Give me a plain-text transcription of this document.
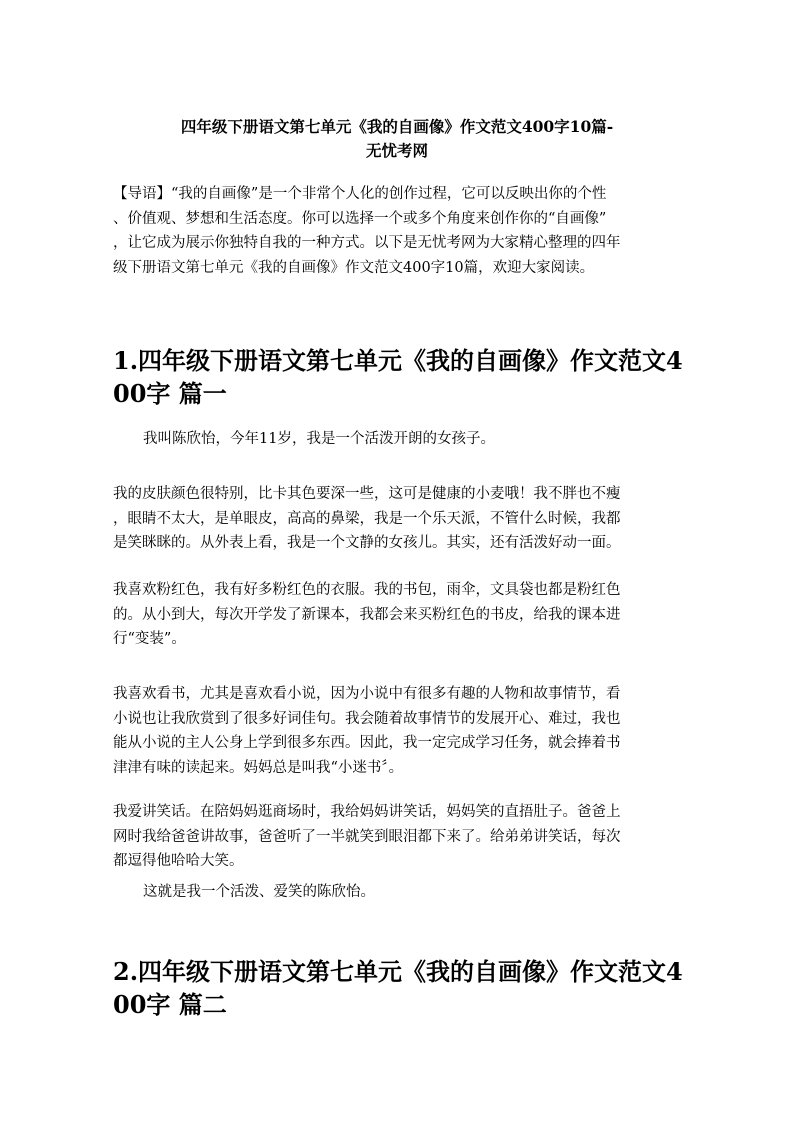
四年级下册语文第七单元《我的自画像》作文范文400字10篇-
无忧考网
【导语】“我的自画像”是一个非常个人化的创作过程，它可以反映出你的个性
、价值观、梦想和生活态度。你可以选择一个或多个角度来创作你的“自画像”
，让它成为展示你独特自我的一种方式。以下是无忧考网为大家精心整理的四年
级下册语文第七单元《我的自画像》作文范文400字10篇，欢迎大家阅读。
1.四年级下册语文第七单元《我的自画像》作文范文4
00字 篇一
我叫陈欣怡，今年11岁，我是一个活泼开朗的女孩子。
我的皮肤颜色很特别，比卡其色要深一些，这可是健康的小麦哦！我不胖也不瘦
，眼睛不太大，是单眼皮，高高的鼻梁，我是一个乐天派，不管什么时候，我都
是笑眯眯的。从外表上看，我是一个文静的女孩儿。其实，还有活泼好动一面。
我喜欢粉红色，我有好多粉红色的衣服。我的书包，雨伞，文具袋也都是粉红色
的。从小到大，每次开学发了新课本，我都会来买粉红色的书皮，给我的课本进
行“变装”。
我喜欢看书，尤其是喜欢看小说，因为小说中有很多有趣的人物和故事情节，看
小说也让我欣赏到了很多好词佳句。我会随着故事情节的发展开心、难过，我也
能从小说的主人公身上学到很多东西。因此，我一定完成学习任务，就会捧着书
津津有味的读起来。妈妈总是叫我“小迷书〞。
我爱讲笑话。在陪妈妈逛商场时，我给妈妈讲笑话，妈妈笑的直捂肚子。爸爸上
网时我给爸爸讲故事，爸爸听了一半就笑到眼泪都下来了。给弟弟讲笑话，每次
都逗得他哈哈大笑。
这就是我一个活泼、爱笑的陈欣怡。
2.四年级下册语文第七单元《我的自画像》作文范文4
00字 篇二
